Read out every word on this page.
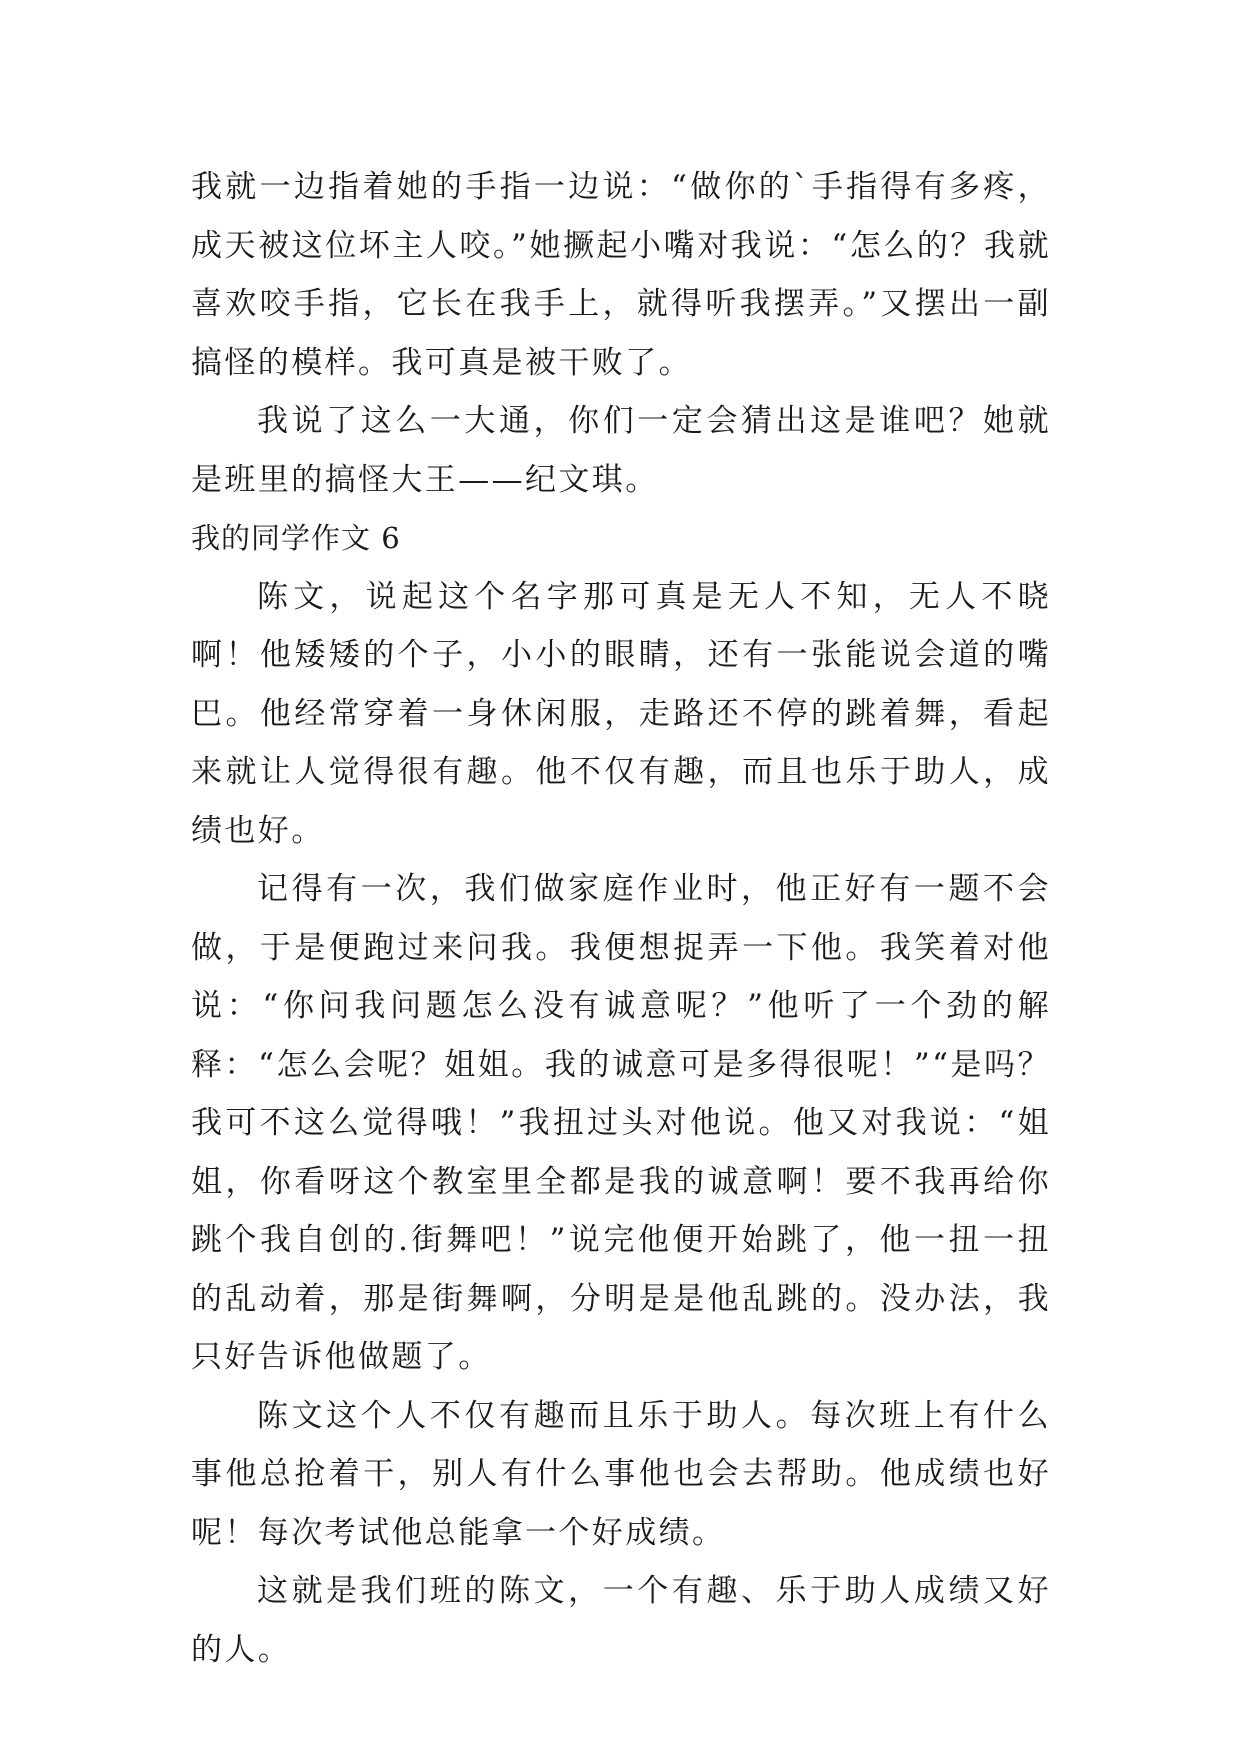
我就一边指着她的手指一边说：“做你的`手指得有多疼，成天被这位坏主人咬。”她撅起小嘴对我说：“怎么的？我就喜欢咬手指，它长在我手上，就得听我摆弄。”又摆出一副搞怪的模样。我可真是被干败了。

我说了这么一大通，你们一定会猜出这是谁吧？她就是班里的搞怪大王——纪文琪。

我的同学作文 6

陈文，说起这个名字那可真是无人不知，无人不晓啊！他矮矮的个子，小小的眼睛，还有一张能说会道的嘴巴。他经常穿着一身休闲服，走路还不停的跳着舞，看起来就让人觉得很有趣。他不仅有趣，而且也乐于助人，成绩也好。

记得有一次，我们做家庭作业时，他正好有一题不会做，于是便跑过来问我。我便想捉弄一下他。我笑着对他说：“你问我问题怎么没有诚意呢？”他听了一个劲的解释：“怎么会呢？姐姐。我的诚意可是多得很呢！”“是吗？我可不这么觉得哦！”我扭过头对他说。他又对我说：“姐姐，你看呀这个教室里全都是我的诚意啊！要不我再给你跳个我自创的.街舞吧！”说完他便开始跳了，他一扭一扭的乱动着，那是街舞啊，分明是是他乱跳的。没办法，我只好告诉他做题了。

陈文这个人不仅有趣而且乐于助人。每次班上有什么事他总抢着干，别人有什么事他也会去帮助。他成绩也好呢！每次考试他总能拿一个好成绩。

这就是我们班的陈文，一个有趣、乐于助人成绩又好的人。
